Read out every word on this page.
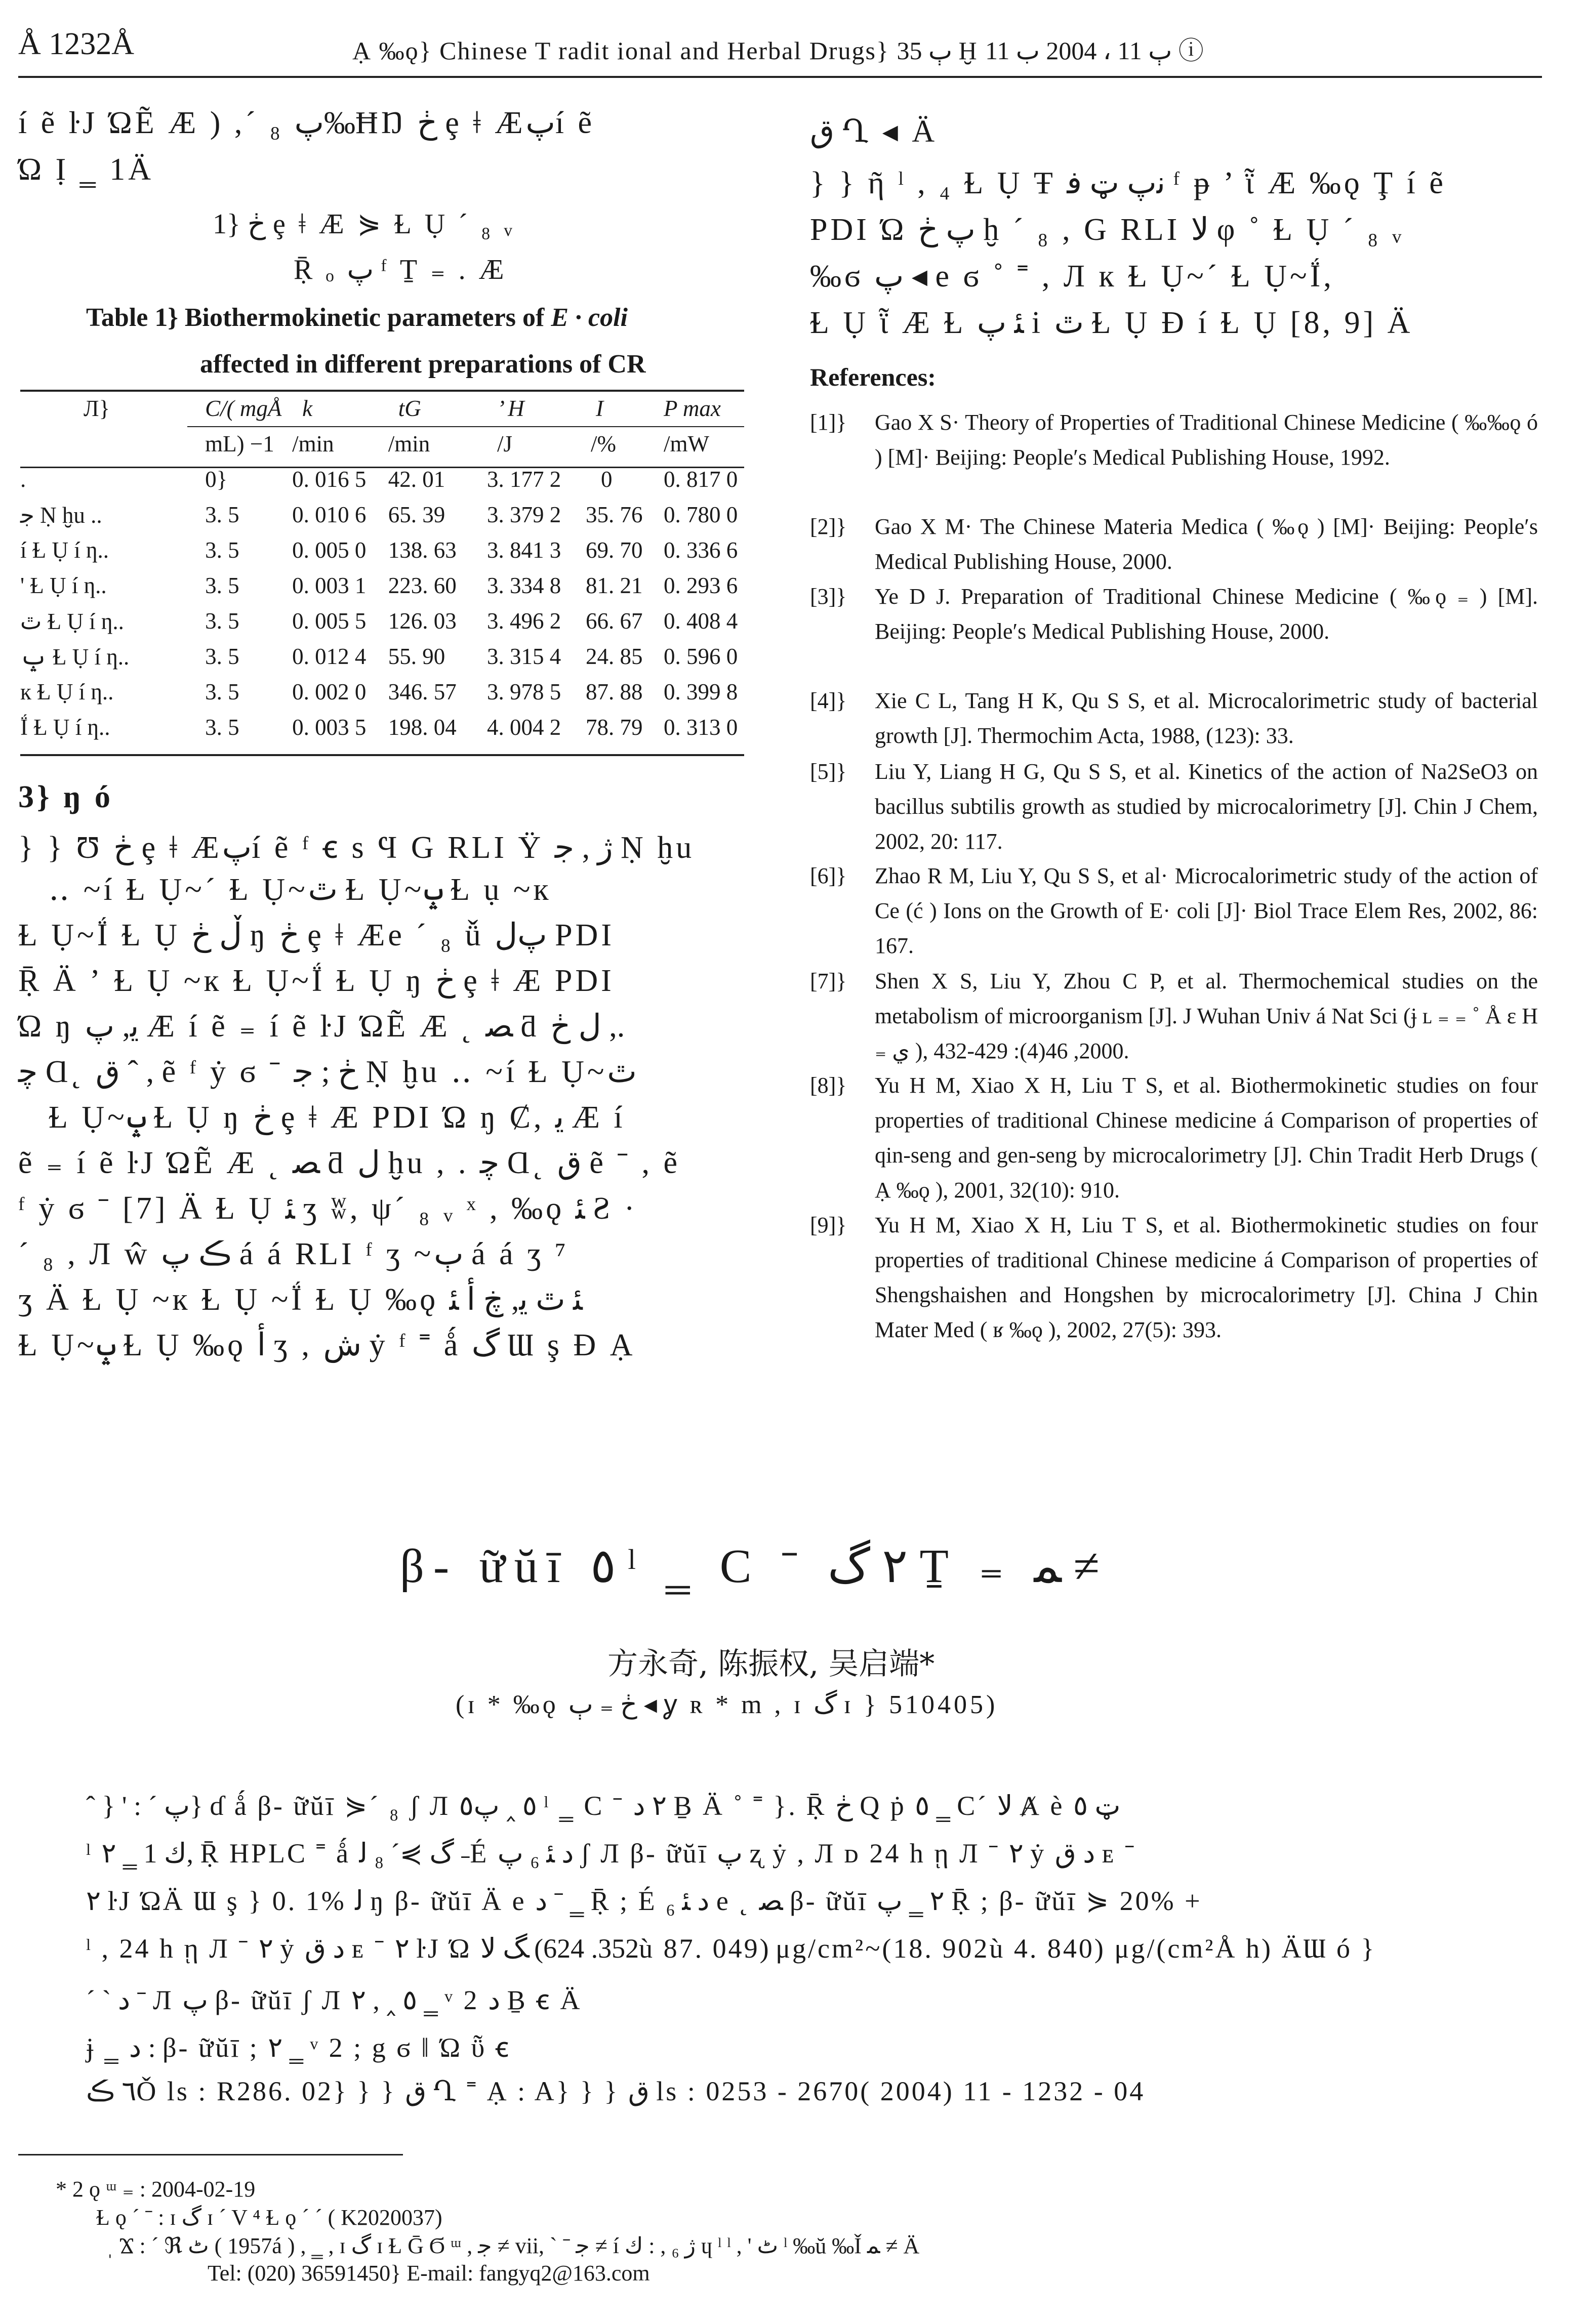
Å 1232Å	Ạ ‰ǫ} Chinese T radit ional and Herbal Drugs} ٻ 35 Ḫ ٻ 11 ، 2004 ب 11 ⓘ
í ẽ ŀJ ΏẼ Æ ) ,ˊ ₈ ﭖ‰ĦŊ ڂ ȩ ǂ Æﭖí ẽ
Ώ Ị ‗ 1Ä
1} ڂ ȩ ǂ Æ ⋟ Ɫ Ụ ˊ ₈ ᵥ
Ṝ ₒ ﭖ ᶠ Ṯ ₌ . Æ
Table 1} Biothermokinetic parameters of E · coli
affected in different preparations of CR
Л}	C/( mgÅ	k	tG	’ H	I	P max
	mL) −1	/min	/min	/J	/%	/mW
.	0}	0. 016 5	42. 01	3. 177 2	0	0. 817 0
ﺟ Ṇ ḫu ..	3. 5	0. 010 6	65. 39	3. 379 2	35. 76	0. 780 0
í Ɫ Ụ í ƞ..	3. 5	0. 005 0	138. 63	3. 841 3	69. 70	0. 336 6
' Ɫ Ụ í ƞ..	3. 5	0. 003 1	223. 60	3. 334 8	81. 21	0. 293 6
ٿ Ɫ Ụ í ƞ..	3. 5	0. 005 5	126. 03	3. 496 2	66. 67	0. 408 4
ݒ Ɫ Ụ í ƞ..	3. 5	0. 012 4	55. 90	3. 315 4	24. 85	0. 596 0
к Ɫ Ụ í ƞ..	3. 5	0. 002 0	346. 57	3. 978 5	87. 88	0. 399 8
Ḯ Ɫ Ụ í ƞ..	3. 5	0. 003 5	198. 04	4. 004 2	78. 79	0. 313 0
3} ŋ ó
} } Ʊ ڂ ȩ ǂ Æﭖí ẽ ᶠ ꞓ s Ϥ G RLI Ÿ ژ , ﺟ Ṇ ḫu
‥ ~í Ɫ Ụ~ˊ Ɫ Ụ~ٿ Ɫ Ụ~ݒ Ɫ ụ ~к
Ɫ Ụ~Ḯ Ɫ Ụ ڵ ڂ ŋ ڂ ȩ ǂ Æe ˊ ₈ ǚ ﭖل PDI
Ṝ Ä ʼ Ɫ Ụ ~к Ɫ Ụ~Ḯ Ɫ Ụ ŋ ڂ ȩ ǂ Æ PDI
Ώ ŋ ﯾ, ﭖ Æ í ẽ ₌ í ẽ ŀJ ΏẼ Æ ˛ ﺼ ƌ ل ڂ ,.
ﭼ Ɑ˛ ق ˆ , ẽ ᶠ ẏ ϭ ˉ ڂ ; ﺟ Ṇ ḫu ‥ ~í Ɫ Ụ~ٿ
Ɫ Ụ~ݒ Ɫ Ụ ŋ ڂ ȩ ǂ Æ PDI Ώ ŋ Ȼ, ﯾ Æ í
ẽ ₌ í ẽ ŀJ ΏẼ Æ ˛ ﺼ ƌ ل ḫu , . ﭼ Ɑ˛ ق ẽ ˉ , ẽ
ᶠ ẏ ϭ ˉ [7] Ä Ɫ Ụ ﺌ ʒ ʬ, ψˊ ₈ ᵥ ˣ , ‰ǫ ﺌ Ƨ ·
ˊ ₈ , Л ŵ ڪ ﭖ á á RLI ᶠ ʒ ~ٻ á á ʒ ⁷
ʒ Ä Ɫ Ụ ~к Ɫ Ụ ~Ḯ Ɫ Ụ ‰ǫ ﺌ ٿ ﯾ, ڿ ﺃ ﺌ
Ɫ Ụ~ݒ Ɫ Ụ ‰ǫ ﺃ ʒ , ش ẏ ᶠ ˭ ǻ گ Ɯ ş Ɖ Ạ
ق Ղ ◂ Ä
} } ῆ ˡ , ₄ Ɫ Ụ Ŧ ﻧﭖ ټ ﻓ ᶠ ᵽ ’ ῗ Æ ‰ǫ Ţ í ẽ
PDI Ώ ﭖ ڂ ḫ ˊ ₈ , G RLI ﻻ φ ˚ Ɫ Ụ ˊ ₈ ᵥ
‰ϭ ﭖ ◂ e ϭ ˚ ˭ , Л к Ɫ Ụ~ˊ Ɫ Ụ~Ḯ,
Ɫ Ụ ῗ Æ Ɫ ﺌ ﭖ i ٿ Ɫ Ụ Ɖ í Ɫ Ụ [8, 9] Ä
References:
[1]}	Gao X S· Theory of Properties of Traditional Chinese Medicine ( ‰‰ǫ ó ) [M]· Beijing: People′s Medical Publishing House, 1992.
[2]}	Gao X M· The Chinese Materia Medica ( ‰ǫ ) [M]· Beijing: People′s Medical Publishing House, 2000.
[3]}	Ye D J. Preparation of Traditional Chinese Medicine ( ‰ǫ ₌ ) [M]. Beijing: People′s Medical Publishing House, 2000.
[4]}	Xie C L, Tang H K, Qu S S, et al. Microcalorimetric study of bacterial growth [J]. Thermochim Acta, 1988, (123): 33.
[5]}	Liu Y, Liang H G, Qu S S, et al. Kinetics of the action of Na2SeO3 on bacillus subtilis growth as studied by microcalorimetry [J]. Chin J Chem, 2002, 20: 117.
[6]}	Zhao R M, Liu Y, Qu S S, et al· Microcalorimetric study of the action of Ce (ć ) Ions on the Growth of E· coli [J]· Biol Trace Elem Res, 2002, 86: 167.
[7]}	Shen X S, Liu Y, Zhou C P, et al. Thermochemical studies on the metabolism of microorganism [J]. J Wuhan Univ á Nat Sci (ɉ ʟ ₌ ₌ ˚ Å ɛ H ₌ ي ), 2000, 46(4): 429-432.
[8]}	Yu H M, Xiao X H, Liu T S, et al. Biothermokinetic studies on four properties of traditional Chinese medicine á Comparison of properties of qin-seng and gen-seng by microcalorimetry [J]. Chin Tradit Herb Drugs ( Ạ ‰ǫ ), 2001, 32(10): 910.
[9]}	Yu H M, Xiao X H, Liu T S, et al. Biothermokinetic studies on four properties of traditional Chinese medicine á Comparison of properties of Shengshaishen and Hongshen by microcalorimetry [J]. China J Chin Mater Med ( ʁ ‰ǫ ), 2002, 27(5): 393.
β- ữŭī ٥ ˡ ‗ C ˉ ٢ گ Ṯ ₌ ﻤ ≠
方永奇, 陈振权, 吴启端*
(ɪ * ‰ǫ ڂ ₌ ٻ ◂ ỿ ʀ * m , ɪ گ ɪ } 510405)
ˆ } ' : ˊ ﭖ} ɗ ǻ β- ữŭī ⋟ˊ ₈ ʃ Л ٥ ‸ ﭖ٥ ˡ ‗ C ˉ ٢ ﺩ Ḇ Ä ˚ ˭ }. Ṝ ڂ Q ṗ ٥ ‗ Cˊ ﻻ Ⱥ è ټ ٥
ˡ ٢ ‗ 1 ﻙ, Ṝ HPLC ˭ ǻ گ ⋟ˊ ₈ ﻟ ˗É ﺩ ﺌ ₆ ﭖ ʃ Л β- ữŭī ﭖ ʐ ẏ , Л ᴅ 24 h ῃ Л ˉ ٢ ẏ ﺩ ق ᴇ ˉ
٢ ŀJ ΏÄ Ɯ ş } 0. 1% ﻟ ŋ β- ữŭī Ä e ﺩ ˉ ‗ Ṝ ; É ﺩ ﺌ ₆ e ˛ ﺼ β- ữŭī ٢ ‗ ﭖ Ṝ ; β- ữŭī ⋟ 20% +
ˡ , 24 h ῃ Л ˉ ٢ ẏ ﺩ ق ᴇ ˉ ٢ ŀJ Ώ ﮓ ﻻ (352. 624ù 87. 049) μg/cm²~(18. 902ù 4. 840) μg/(cm²Å h) ÄƜ ó }
ˊ ˋ ﺩ ˉ Л ﭖ β- ữŭī ʃ Л ٥ ‸ , ٢ ‗ ᵛ 2 ﺩ Ḇ ꞓ Ä
ɉ ‗ ﺩ : β- ữŭī ; ٢ ‗ ᵛ 2 ; g ϭ ‖ Ώ ῧ ꞓ
٦ ڪǑ ls : R286. 02} } } ق Ղ ˭ Ạ : A} } } ق ls : 0253 - 2670( 2004) 11 - 1232 - 04
* 2 ǫ ᵚ ₌ : 2004-02-19
Ɫ ǫ ˊ ˉ : ɪ گ ɪ ˊ V ⁴ Ɫ ǫ ˊ ˊ ( K2020037)
ˌ Ϫ : ˊ ℜ ٹ ( 1957á ) , ‗ , ɪ گ ɪ Ɫ Ḡ Ϭ ᵚ , ﺟ ≠ vii, ˋ ˉ ﺟ ≠ í ژ ₆ , : ﻙ ɥ ˡ ˡ , ' ٹ ˡ ‰ŭ ‰Ǐ ﻤ ≠ Ä
Tel: (020) 36591450} E-mail: fangyq2@163.com
